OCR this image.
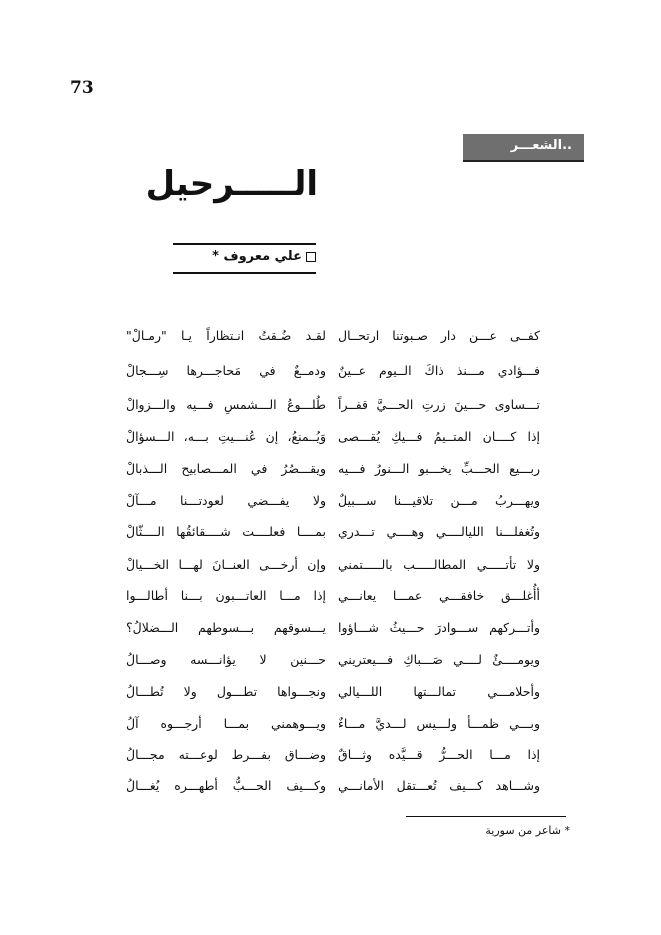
73
الشعـــر..
الـــــرحيل
علي معروف *
كفــى عـــن دار صـبوتنا ارتحــال
لقـد ضُـقتُ انـتظاراً يـا "رمـالْ"
فـــؤادي مـــنذ ذاكَ الــيوم عــينٌ
ودمــعٌ في مَحاجـــرها سِـــجالْ
تـــساوى حـــينَ زرتِ الحـــيَّ قفــراً
طُلـــوعُ الـــشمسِ فـــيه والـــزوالْ
إذا كــــان المتــيمُ فـــيكِ يُقـــصى
وَيُــمنعُ، إن عُنـــيتِ بـــه، الـــسؤالْ
ربـــيع الحـــبِّ يخـــبو الـــنورُ فـــيه
ويقـــصُرُ في المـــصابيح الـــذبالْ
ويهـــربُ مـــن تلاقيـــنا ســـبيلٌ
ولا يفـــضي لعودتـــنا مـــآلْ
وتُغفلـــنا الليالــــي وهــــي تـــدري
بمــــا فعلــــت شــــقائقُها الــــثّالْ
ولا تأتـــــي المطالـــــب بالـــــتمني
وإن أرخـــى العنــانَ لهـــا الخـــيالْ
أأُغلـــق خافقـــي عمـــا يعانـــي
إذا مـــا العاتـــبون بـــنا أطالـــوا
وأتـــركهم ســـوادرَ حـــيثُ شـــاؤوا
يـــسوقهم بـــسوطهم الـــضلالُ؟
ويومــــئٌ لــــي صَـــباكِ فـــيعتريني
حـــنين لا يؤانـــسه وصـــالُ
وأحلامـــي تمالـــتها اللـــيالي
ونجـــواها تطـــول ولا تُطـــالُ
وبـــي ظمـــأ ولـــيس لـــديَّ مـــاءٌ
ويـــوهمني بمـــا أرجـــوه آلُ
إذا مـــا الحـــرُّ قـــيَّده وثـــاقٌ
وضـــاق بفـــرط لوعـــته مجـــالُ
وشـــاهد كـــيف تُعـــتقل الأمانـــي
وكـــيف الحـــبُّ أطهـــره يُغـــالُ
* شاعر من سورية
